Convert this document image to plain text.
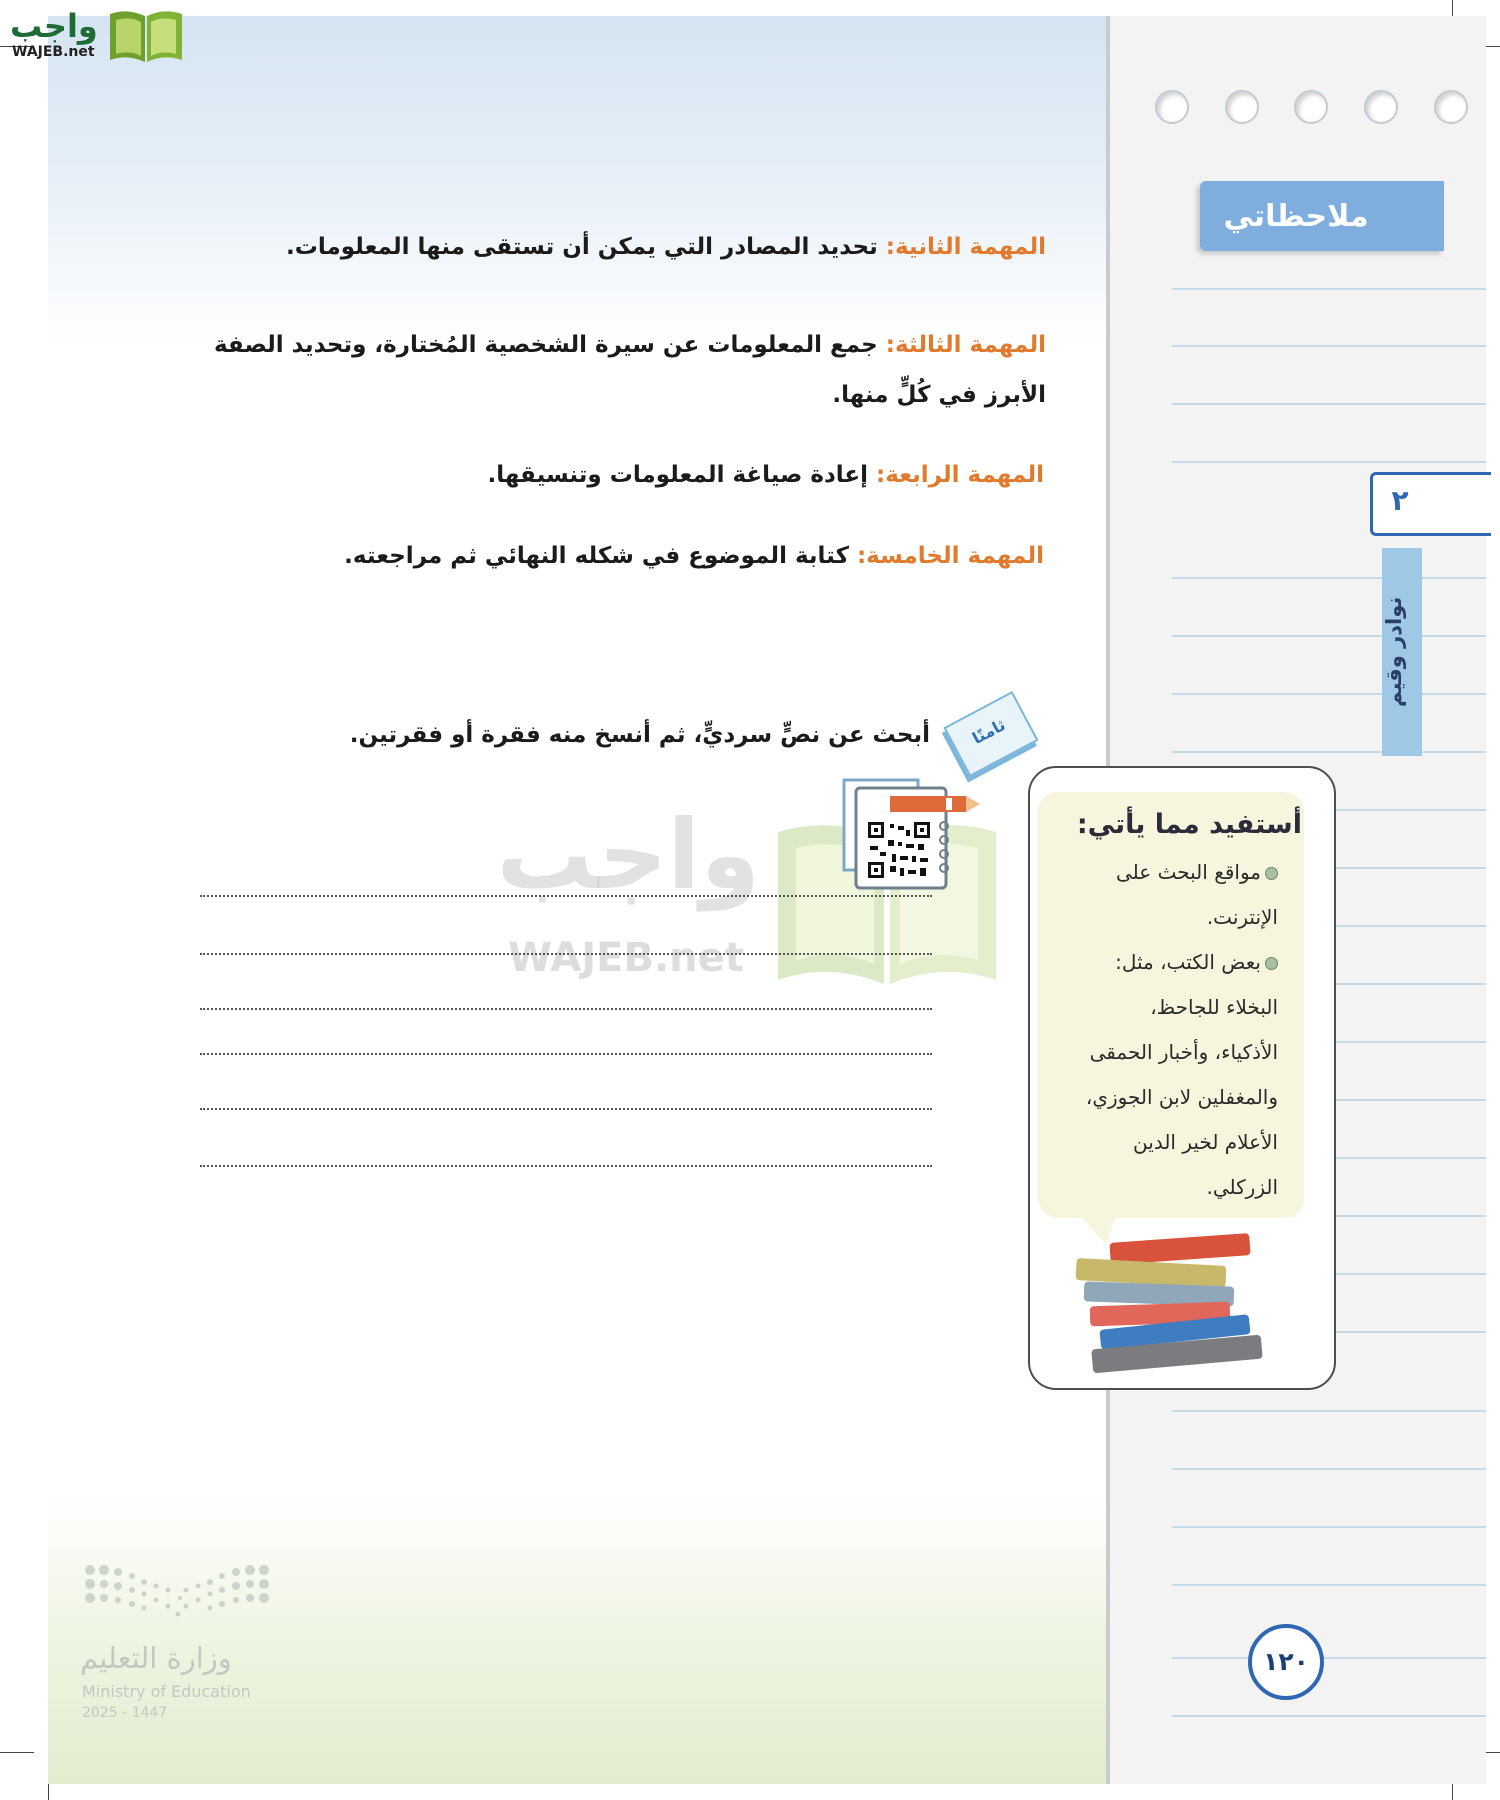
واجب
WAJEB.net
ملاحظاتي
٢
نوادر وقيم
المهمة الثانية: تحديد المصادر التي يمكن أن تستقى منها المعلومات.
المهمة الثالثة: جمع المعلومات عن سيرة الشخصية المُختارة، وتحديد الصفة
الأبرز في كُلٍّ منها.
المهمة الرابعة: إعادة صياغة المعلومات وتنسيقها.
المهمة الخامسة: كتابة الموضوع في شكله النهائي ثم مراجعته.
ثامنًا
أبحث عن نصٍّ سرديٍّ، ثم أنسخ منه فقرة أو فقرتين.
واجب
WAJEB.net
أستفيد مما يأتي:
مواقع البحث على
الإنترنت.
بعض الكتب، مثل:
البخلاء للجاحظ،
الأذكياء، وأخبار الحمقى
والمغفلين لابن الجوزي،
الأعلام لخير الدين
الزركلي.
١٢٠
وزارة التعليم
Ministry of Education
2025 - 1447
